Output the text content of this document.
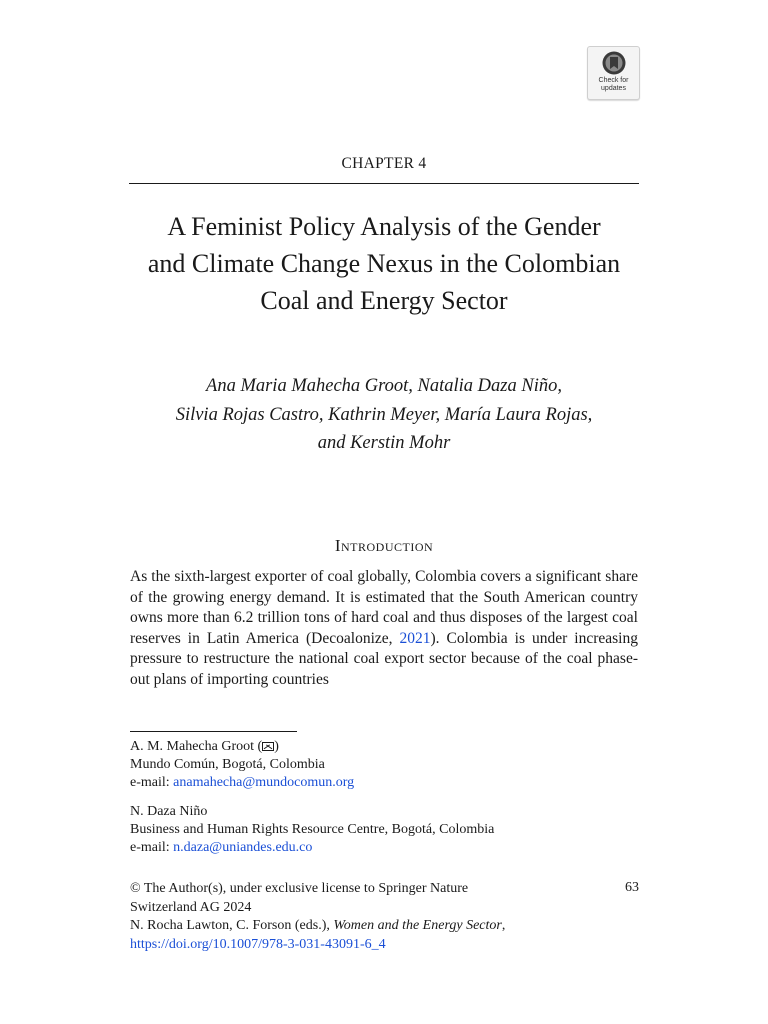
Check for
updates
CHAPTER 4
A Feminist Policy Analysis of the Gender
and Climate Change Nexus in the Colombian
Coal and Energy Sector
Ana Maria Mahecha Groot, Natalia Daza Niño,
Silvia Rojas Castro, Kathrin Meyer, María Laura Rojas,
and Kerstin Mohr
Introduction
As the sixth-largest exporter of coal globally, Colombia covers a significant share of the growing energy demand. It is estimated that the South American country owns more than 6.2 trillion tons of hard coal and thus disposes of the largest coal reserves in Latin America (Decoalonize, 2021). Colombia is under increasing pressure to restructure the national coal export sector because of the coal phase-out plans of importing countries
A. M. Mahecha Groot ( )
Mundo Común, Bogotá, Colombia
e-mail: anamahecha@mundocomun.org
N. Daza Niño
Business and Human Rights Resource Centre, Bogotá, Colombia
e-mail: n.daza@uniandes.edu.co
© The Author(s), under exclusive license to Springer Nature
Switzerland AG 2024
N. Rocha Lawton, C. Forson (eds.), Women and the Energy Sector,
https://doi.org/10.1007/978-3-031-43091-6_4
63
